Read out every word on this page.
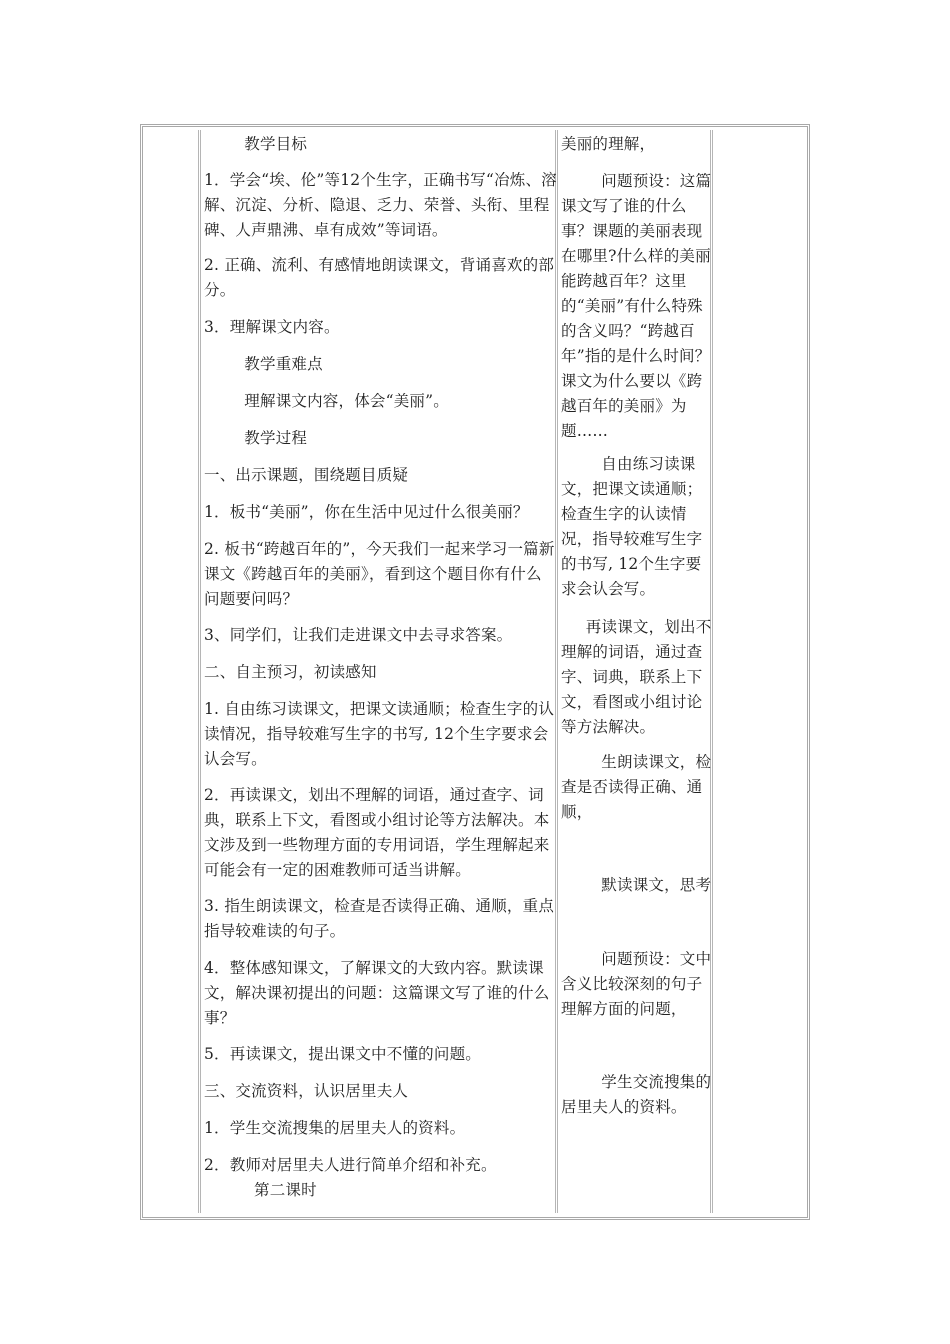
教学目标

1．学会“埃、伦”等12个生字，正确书写“冶炼、溶解、沉淀、分析、隐退、乏力、荣誉、头衔、里程碑、人声鼎沸、卓有成效”等词语。

2. 正确、流利、有感情地朗读课文，背诵喜欢的部分。

3．理解课文内容。

教学重难点

理解课文内容，体会“美丽”。

教学过程

一、出示课题，围绕题目质疑

1．板书“美丽”，你在生活中见过什么很美丽？

2. 板书“跨越百年的”，今天我们一起来学习一篇新课文《跨越百年的美丽》，看到这个题目你有什么问题要问吗？

3、同学们，让我们走进课文中去寻求答案。

二、自主预习，初读感知

1. 自由练习读课文，把课文读通顺；检查生字的认读情况，指导较难写生字的书写, 12个生字要求会认会写。

2．再读课文，划出不理解的词语，通过查字、词典，联系上下文，看图或小组讨论等方法解决。本文涉及到一些物理方面的专用词语，学生理解起来可能会有一定的困难教师可适当讲解。

3. 指生朗读课文，检查是否读得正确、通顺，重点指导较难读的句子。

4．整体感知课文，了解课文的大致内容。默读课文，解决课初提出的问题：这篇课文写了谁的什么事？

5．再读课文，提出课文中不懂的问题。

三、交流资料，认识居里夫人

1．学生交流搜集的居里夫人的资料。

2．教师对居里夫人进行简单介绍和补充。

第二课时

美丽的理解，

问题预设：这篇课文写了谁的什么事？课题的美丽表现在哪里?什么样的美丽能跨越百年？这里的“美丽”有什么特殊的含义吗？“跨越百年”指的是什么时间？课文为什么要以《跨越百年的美丽》为题……

自由练习读课文，把课文读通顺；检查生字的认读情况，指导较难写生字的书写, 12个生字要求会认会写。

再读课文，划出不理解的词语，通过查字、词典，联系上下文，看图或小组讨论等方法解决。

生朗读课文，检查是否读得正确、通顺，

默读课文，思考

问题预设：文中含义比较深刻的句子理解方面的问题，

学生交流搜集的居里夫人的资料。
